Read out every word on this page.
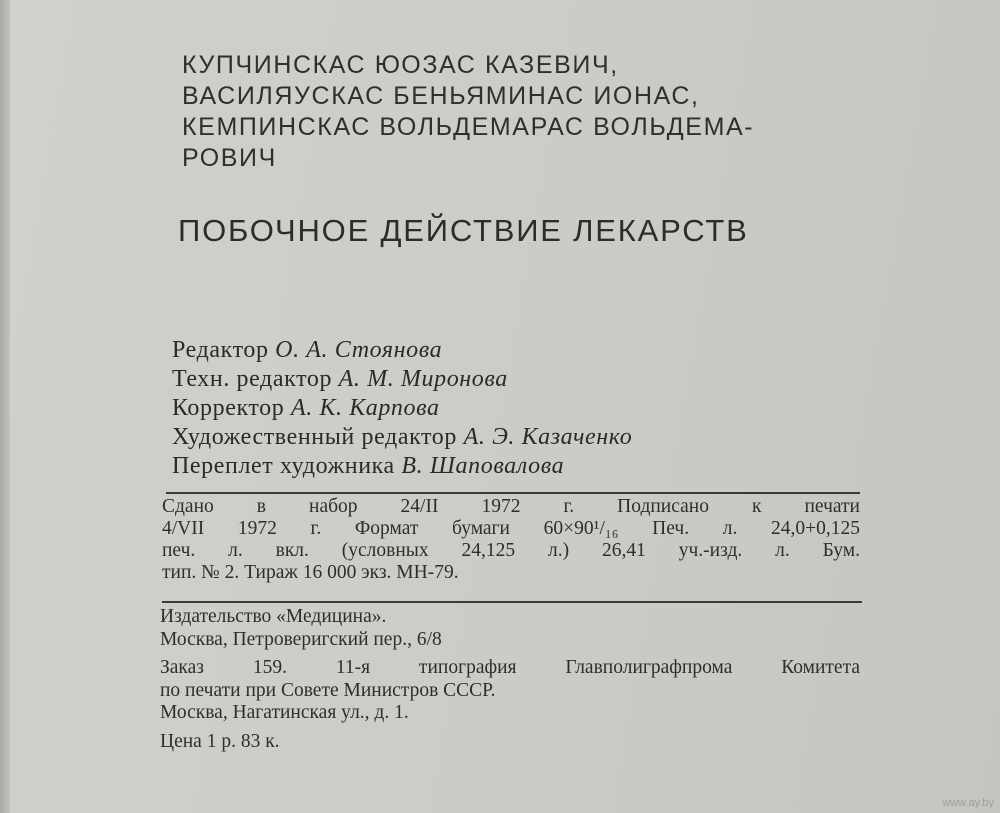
КУПЧИНСКАС ЮОЗАС КАЗЕВИЧ,
ВАСИЛЯУСКАС БЕНЬЯМИНАС ИОНАС,
КЕМПИНСКАС ВОЛЬДЕМАРАС ВОЛЬДЕМА-
РОВИЧ
ПОБОЧНОЕ ДЕЙСТВИЕ ЛЕКАРСТВ
Редактор О. А. Стоянова
Техн. редактор А. М. Миронова
Корректор А. К. Карпова
Художественный редактор А. Э. Казаченко
Переплет художника В. Шаповалова
Сдано в набор 24/II 1972 г. Подписано к печати
4/VII 1972 г. Формат бумаги 60×90¹/₁₆ Печ. л. 24,0+0,125
печ. л. вкл. (условных 24,125 л.) 26,41 уч.-изд. л. Бум.
тип. № 2. Тираж 16 000 экз. МН-79.
Издательство «Медицина».
Москва, Петроверигский пер., 6/8
Заказ 159. 11-я типография Главполиграфпрома Комитета
по печати при Совете Министров СССР.
Москва, Нагатинская ул., д. 1.
Цена 1 р. 83 к.
www.ay.by
